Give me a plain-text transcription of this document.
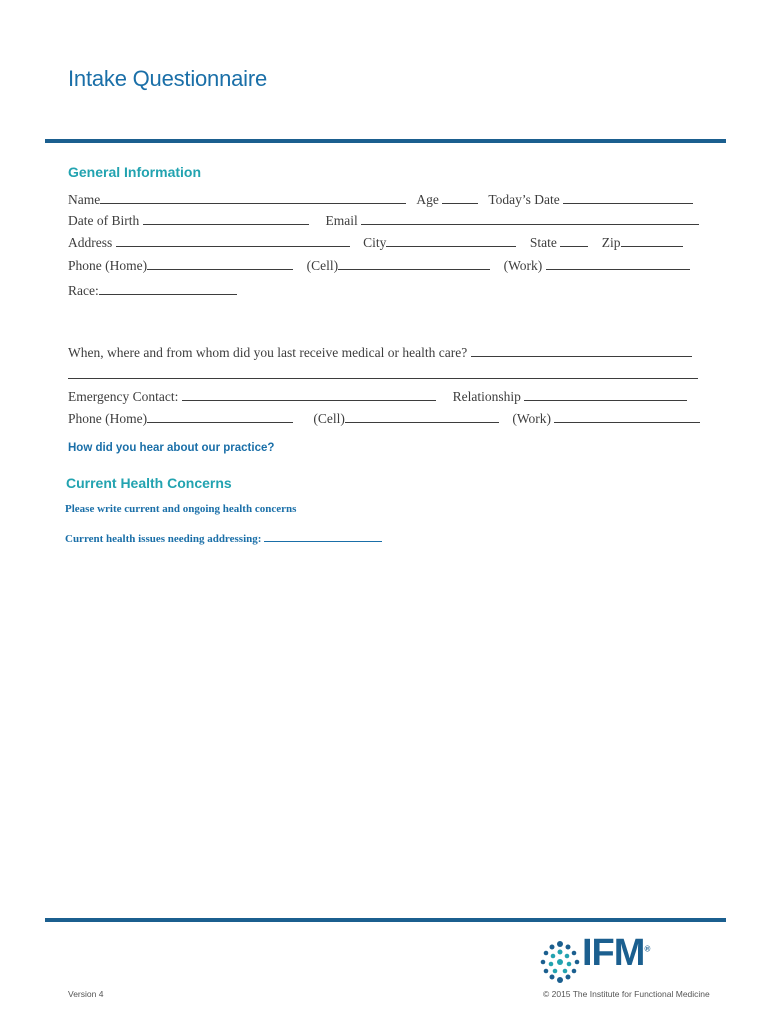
Intake Questionnaire
General Information
Name	Age	Today’s Date
Date of Birth	Email
Address	City	State	Zip
Phone (Home)	(Cell)	(Work)
Race:
When, where and from whom did you last receive medical or health care?
Emergency Contact:	Relationship
Phone (Home)	(Cell)	(Work)
How did you hear about our practice?
Current Health Concerns
Please write current and ongoing health concerns
Current health issues needing addressing:
IFM®
Version 4	© 2015 The Institute for Functional Medicine
